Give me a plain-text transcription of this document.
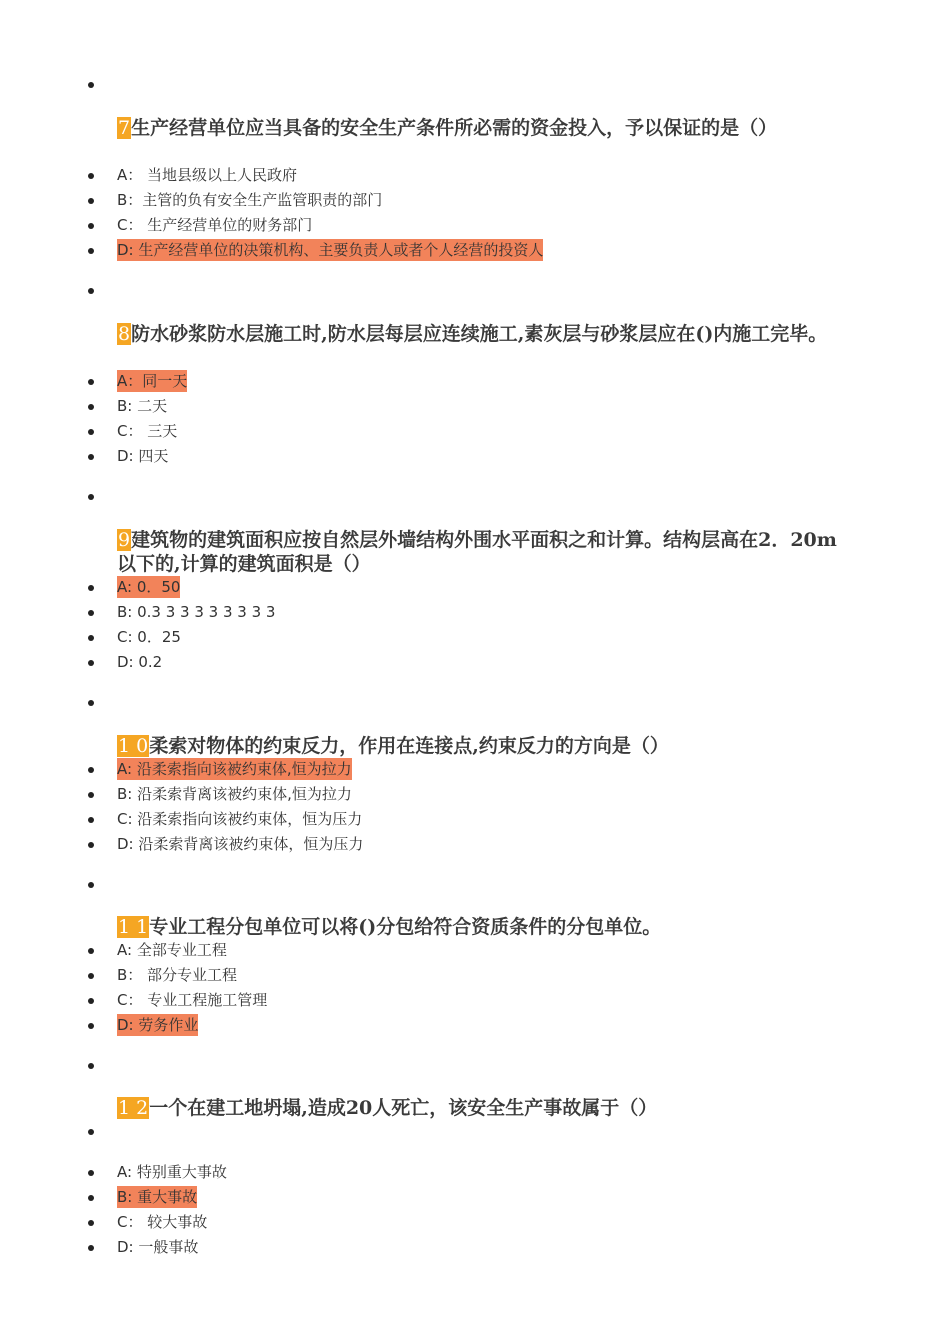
7生产经营单位应当具备的安全生产条件所必需的资金投入，予以保证的是（）
A： 当地县级以上人民政府
B：主管的负有安全生产监管职责的部门
C： 生产经营单位的财务部门
D: 生产经营单位的决策机构、主要负责人或者个人经营的投资人
8防水砂浆防水层施工时,防水层每层应连续施工,素灰层与砂浆层应在()内施工完毕。
A：同一天
B: 二天
C： 三天
D: 四天
9建筑物的建筑面积应按自然层外墙结构外围水平面积之和计算。结构层高在2．20m以下的,计算的建筑面积是（）
A: 0．50
B: 0.3 3 3 3 3 3 3 3 3
C: 0．25
D: 0.2
1 0柔索对物体的约束反力，作用在连接点,约束反力的方向是（）
A: 沿柔索指向该被约束体,恒为拉力
B: 沿柔索背离该被约束体,恒为拉力
C: 沿柔索指向该被约束体，恒为压力
D: 沿柔索背离该被约束体，恒为压力
1 1专业工程分包单位可以将()分包给符合资质条件的分包单位。
A: 全部专业工程
B： 部分专业工程
C： 专业工程施工管理
D: 劳务作业
1 2一个在建工地坍塌,造成20人死亡，该安全生产事故属于（）
A: 特别重大事故
B: 重大事故
C： 较大事故
D: 一般事故
